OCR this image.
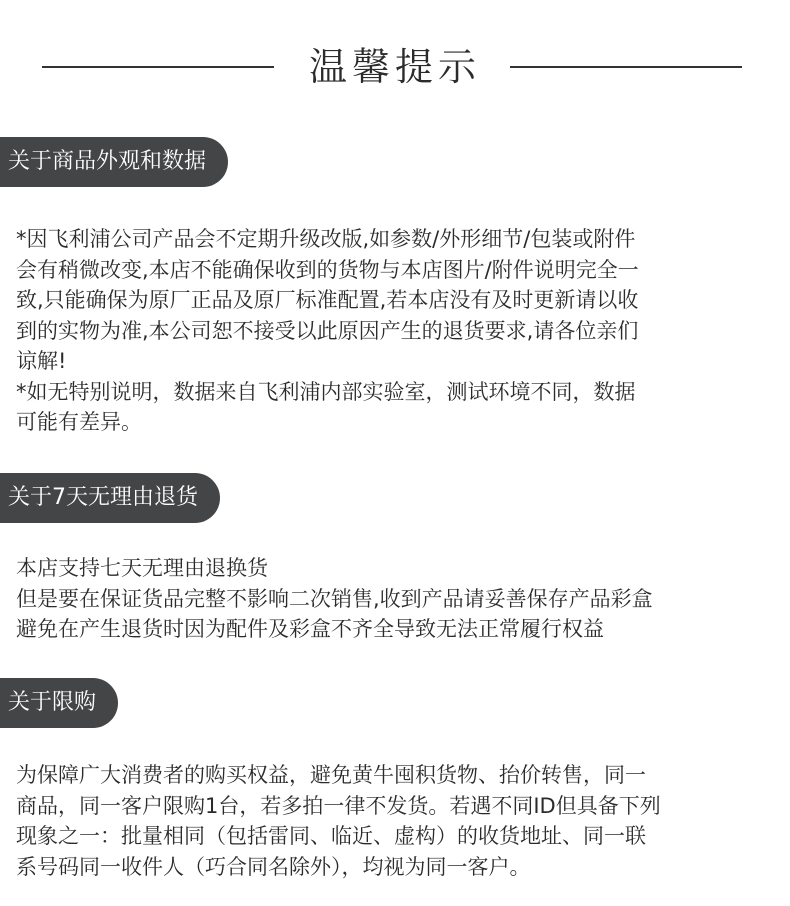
温馨提示
关于商品外观和数据
*因飞利浦公司产品会不定期升级改版,如参数/外形细节/包装或附件
会有稍微改变,本店不能确保收到的货物与本店图片/附件说明完全一
致,只能确保为原厂正品及原厂标准配置,若本店没有及时更新请以收
到的实物为准,本公司恕不接受以此原因产生的退货要求,请各位亲们
谅解!
*如无特别说明，数据来自飞利浦内部实验室，测试环境不同，数据
可能有差异。
关于7天无理由退货
本店支持七天无理由退换货
但是要在保证货品完整不影响二次销售,收到产品请妥善保存产品彩盒
避免在产生退货时因为配件及彩盒不齐全导致无法正常履行权益
关于限购
为保障广大消费者的购买权益，避免黄牛囤积货物、抬价转售，同一
商品，同一客户限购1台，若多拍一律不发货。若遇不同ID但具备下列
现象之一：批量相同（包括雷同、临近、虚构）的收货地址、同一联
系号码同一收件人（巧合同名除外），均视为同一客户。
